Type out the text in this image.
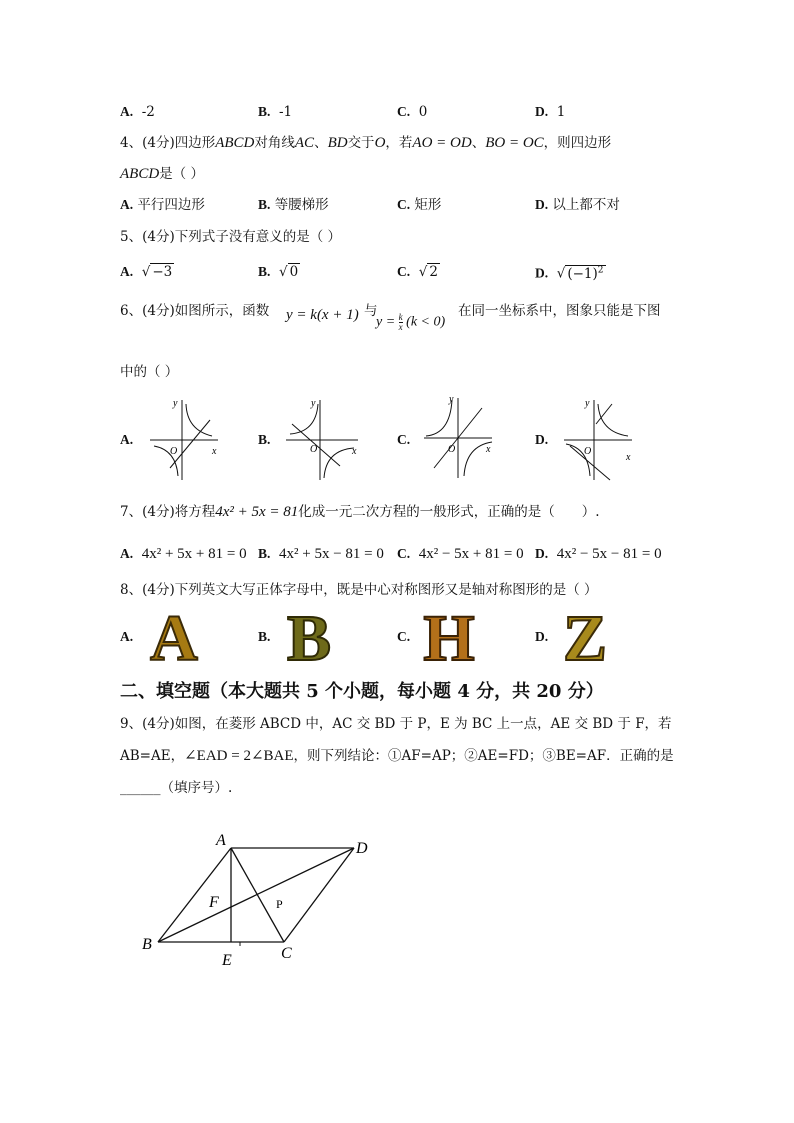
A. -2	B. -1	C. 0	D. 1
4、(4分)四边形ABCD对角线AC、BD交于O，若AO = OD、BO = OC，则四边形
ABCD是（ ）
A. 平行四边形	B. 等腰梯形	C. 矩形	D. 以上都不对
5、(4分)下列式子没有意义的是（ ）
A. √ −3	B. √ 0	C. √ 2	D. √ $(-1)^2$
6、(4分)如图所示，函数 y = k(x + 1) 与
$y = \frac{k}{x} (k < 0)$
在同一坐标系中，图象只能是下图
中的（ ）
A.
y
O	x
B.
y
O	x
C.
y
O	x
D.
y
O
x
7、(4分)将方程4x² + 5x = 81化成一元二次方程的一般形式，正确的是（　　）.
A. 4x² + 5x + 81 = 0 B. 4x² + 5x − 81 = 0 C. 4x² − 5x + 81 = 0 D. 4x² − 5x − 81 = 0
8、(4分)下列英文大写正体字母中，既是中心对称图形又是轴对称图形的是（ ）
A. A	B. B	C. H	D. Z
二、填空题（本大题共 5 个小题，每小题 4 分，共 20 分）
9、(4分)如图，在菱形 ABCD 中，AC 交 BD 于 P，E 为 BC 上一点，AE 交 BD 于 F，若
AB=AE，∠EAD = 2∠BAE，则下列结论：①AF=AP；②AE=FD；③BE=AF．正确的是
______（填序号）.
A	D
B
C
E
F	P
